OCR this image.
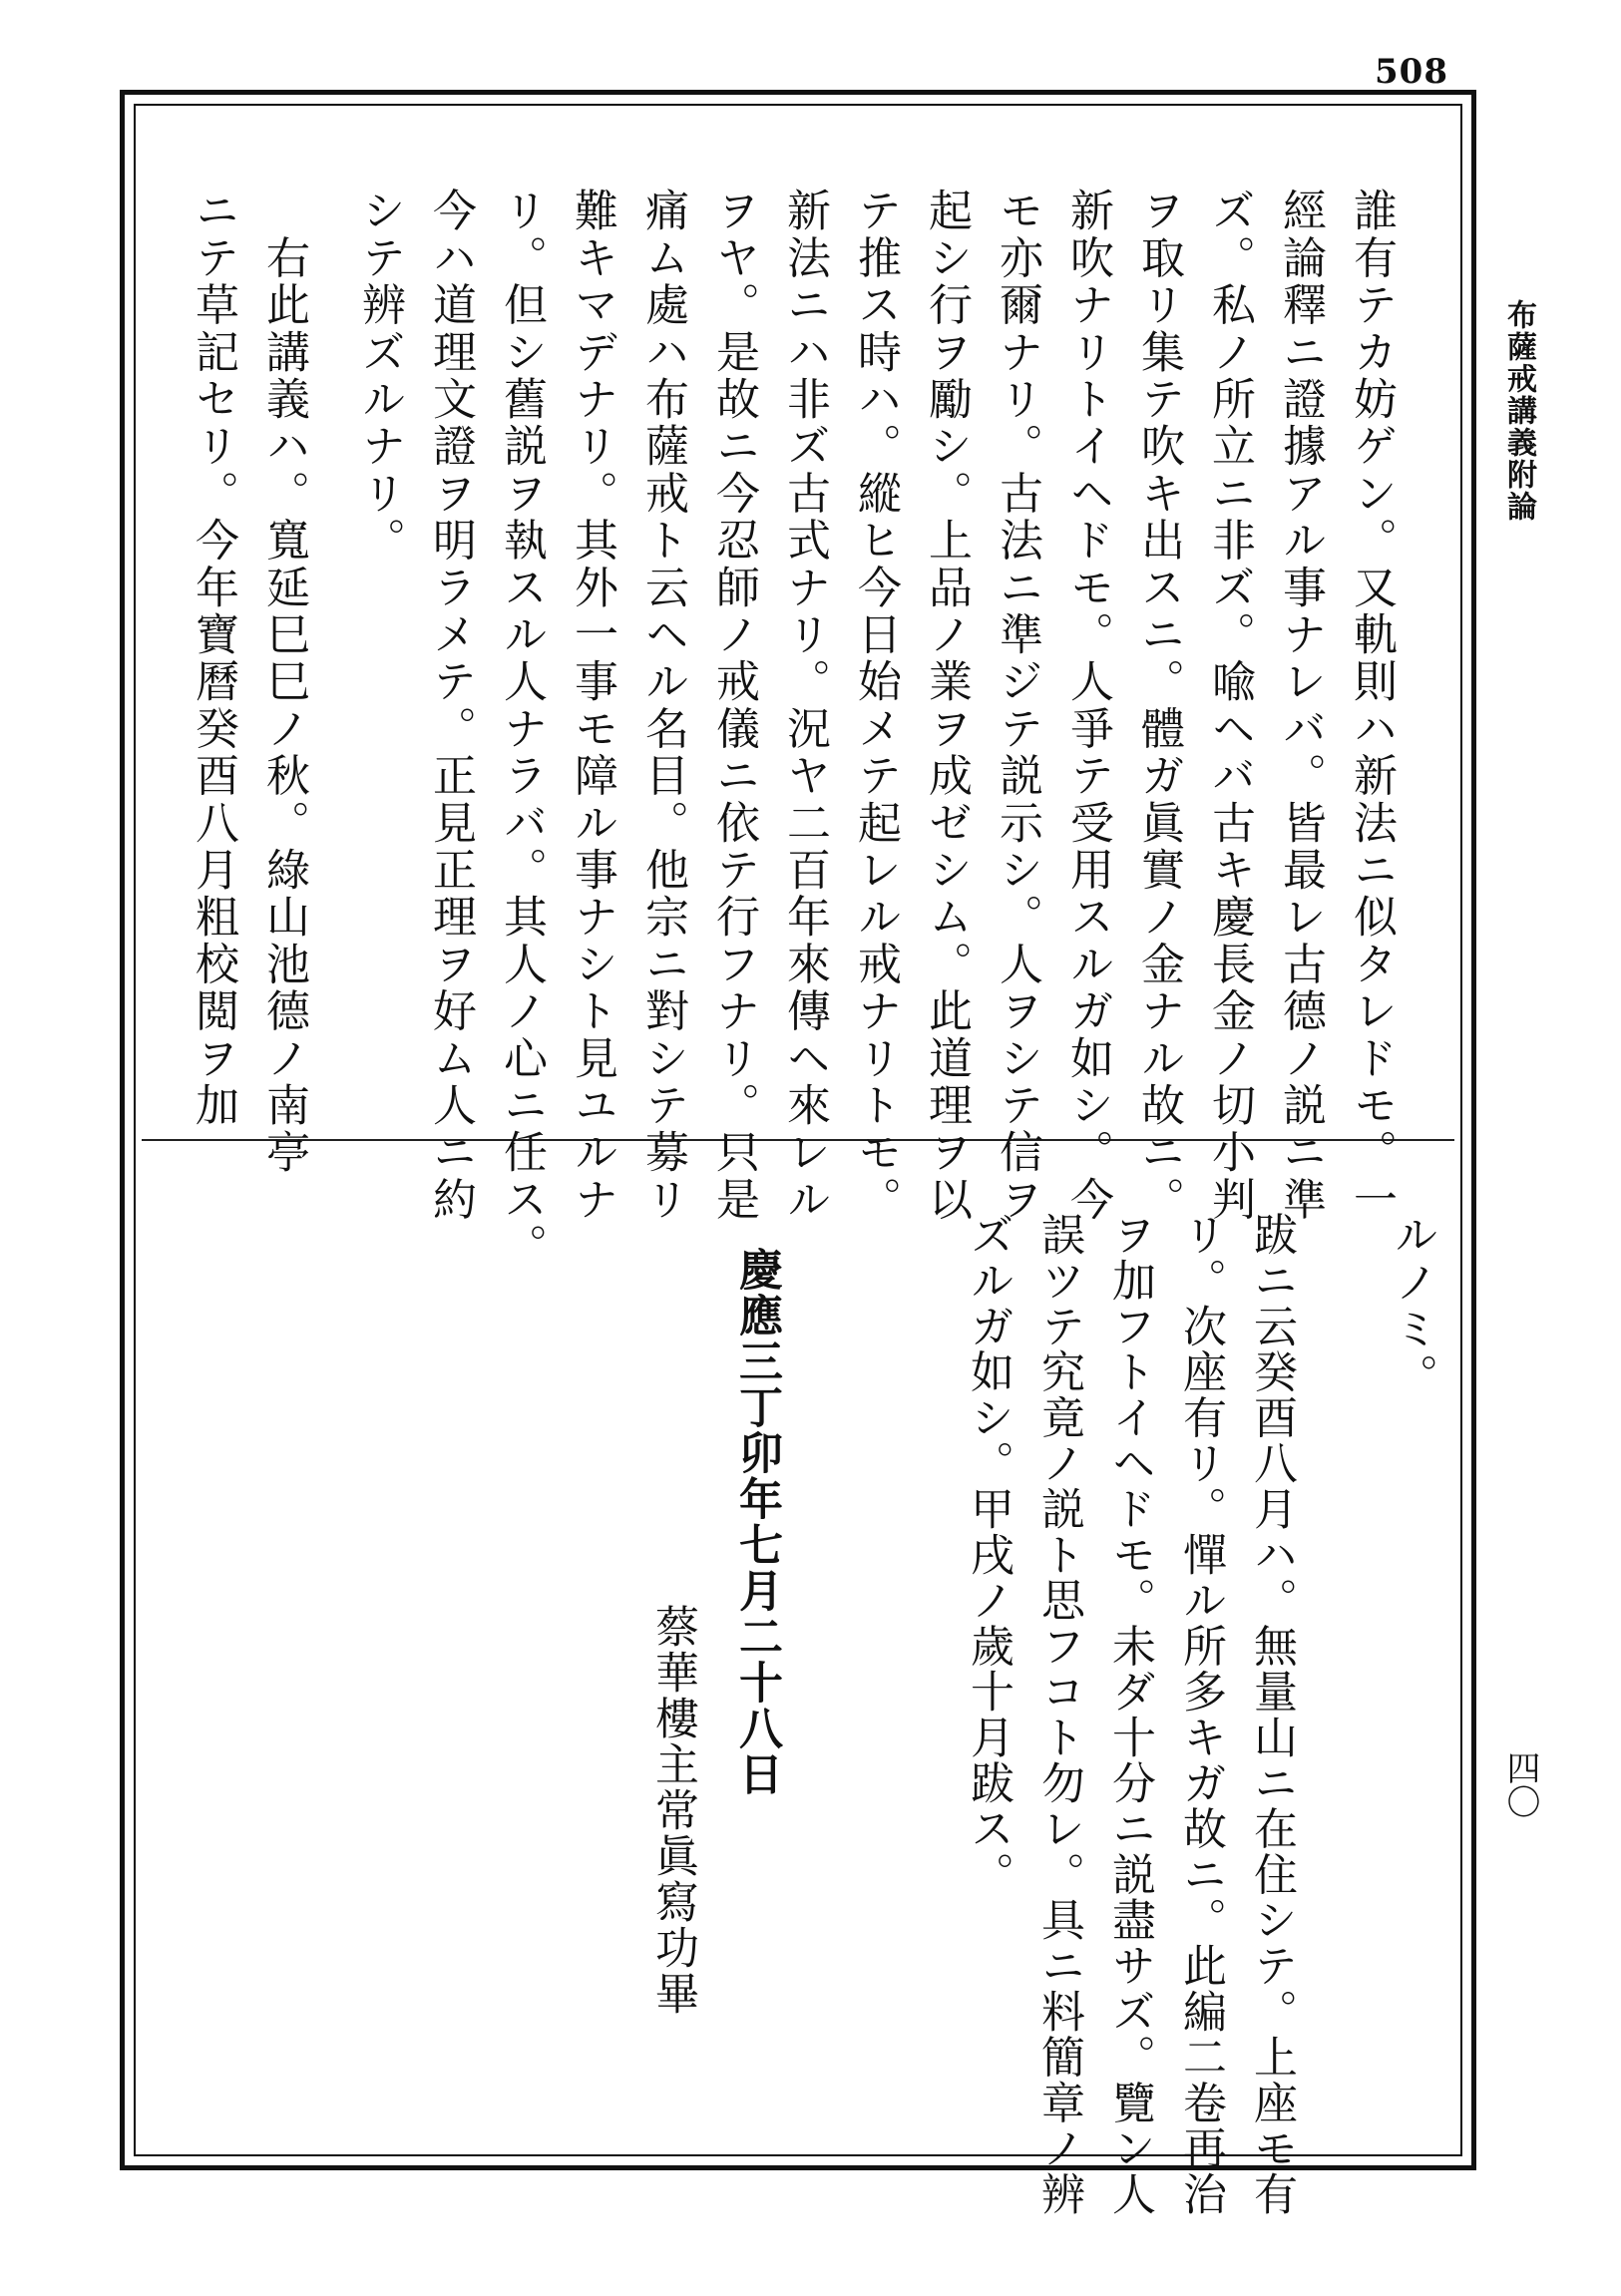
508
布薩戒講義附論
四〇
誰有テカ妨ゲン。又軌則ハ新法ニ似タレドモ。一
經論釋ニ證據アル事ナレバ。皆最レ古德ノ説ニ準
ズ。私ノ所立ニ非ズ。喩ヘバ古キ慶長金ノ切小判
ヲ取リ集テ吹キ出スニ。體ガ眞實ノ金ナル故ニ。
新吹ナリトイヘドモ。人爭テ受用スルガ如シ。今
モ亦爾ナリ。古法ニ準ジテ説示シ。人ヲシテ信ヲ
起シ行ヲ勵シ。上品ノ業ヲ成ゼシム。此道理ヲ以
テ推ス時ハ。縱ヒ今日始メテ起レル戒ナリトモ。
新法ニハ非ズ古式ナリ。況ヤ二百年來傳ヘ來レル
ヲヤ。是故ニ今忍師ノ戒儀ニ依テ行フナリ。只是
痛ム處ハ布薩戒ト云ヘル名目。他宗ニ對シテ募リ
難キマデナリ。其外一事モ障ル事ナシト見ユルナ
リ。但シ舊説ヲ執スル人ナラバ。其人ノ心ニ任ス。
今ハ道理文證ヲ明ラメテ。正見正理ヲ好ム人ニ約
シテ辨ズルナリ。
　右此講義ハ。寬延巳巳ノ秋。綠山池德ノ南亭
ニテ草記セリ。今年寶曆癸酉八月粗校閲ヲ加
ルノミ。
跋ニ云癸酉八月ハ。無量山ニ在住シテ。上座モ有
リ。次座有リ。憚ル所多キガ故ニ。此編二卷再治
ヲ加フトイヘドモ。未ダ十分ニ説盡サズ。覽ン人
誤ツテ究竟ノ説ト思フコト勿レ。具ニ料簡章ノ辨
ズルガ如シ。甲戌ノ歲十月跋ス。
慶應三丁卯年七月二十八日
蔡華樓主常眞寫功畢
